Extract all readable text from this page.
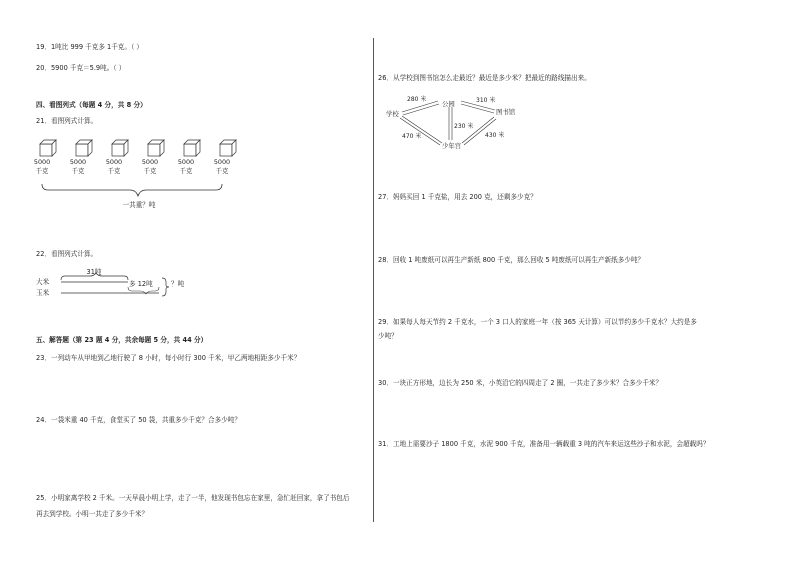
19．1吨比 999 千克多 1千克。（ ）
20．5900 千克＝5.9吨。（ ）
四、看图列式（每题 4 分，共 8 分）
21．看图列式计算。
5000
千克
5000
千克
5000
千克
5000
千克
5000
千克
5000
千克
一共重？吨
22．看图列式计算。
大米
玉米
31吨
多 12吨	？吨
五、解答题（第 23 题 4 分，共余每题 5 分，共 44 分）
23．一列动车从甲地到乙地行驶了 8 小时，每小时行 300 千米，甲乙两地相距多少千米？
24．一袋米重 40 千克，食堂买了 50 袋，共重多少千克？合多少吨？
25．小明家离学校 2 千米。一天早晨小明上学，走了一半，他发现书包忘在家里，急忙赶回家，拿了书包后
再去到学校。小明一共走了多少千米？
26．从学校到图书馆怎么走最近？最近是多少米？把最近的路线描出来。
学校
公园
图书馆
少年宫
280 米	310 米
230 米
470 米	430 米
27．妈妈买回 1 千克盐，用去 200 克，还剩多少克？
28．回收 1 吨废纸可以再生产新纸 800 千克，那么回收 5 吨废纸可以再生产新纸多少吨？
29．如果每人每天节约 2 千克水，一个 3 口人的家庭一年（按 365 天计算）可以节约多少千克水？大约是多
少吨？
30．一块正方形地，边长为 250 米，小英沿它的四周走了 2 圈，一共走了多少米？合多少千米？
31．工地上需要沙子 1800 千克，水泥 900 千克，准备用一辆载重 3 吨的汽车来运这些沙子和水泥，会超载吗？
